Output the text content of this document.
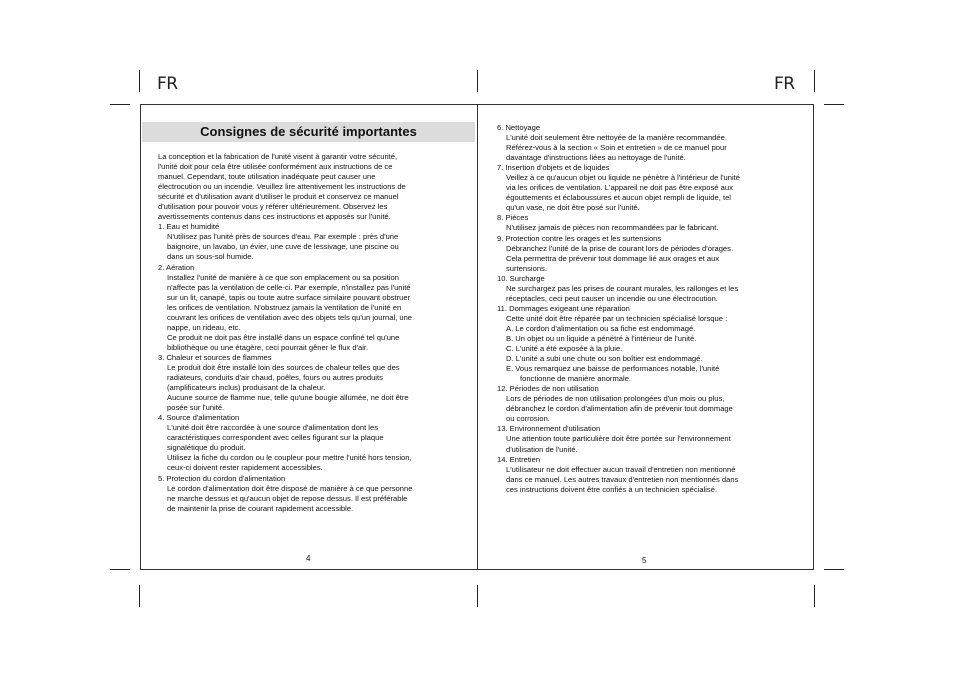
FR	FR
Consignes de sécurité importantes

La conception et la fabrication de l'unité visent à garantir votre sécurité,

l'unité doit pour cela être utilisée conformément aux instructions de ce

manuel. Cependant, toute utilisation inadéquate peut causer une

électrocution ou un incendie. Veuillez lire attentivement les instructions de

sécurité et d'utilisation avant d'utiliser le produit et conservez ce manuel

d'utilisation pour pouvoir vous y référer ultérieurement. Observez les

avertissements contenus dans ces instructions et apposés sur l'unité.

1. Eau et humidité

N'utilisez pas l'unité près de sources d'eau. Par exemple : près d'une

baignoire, un lavabo, un évier, une cuve de lessivage, une piscine ou

dans un sous-sol humide.

2. Aération

Installez l'unité de manière à ce que son emplacement ou sa position

n'affecte pas la ventilation de celle-ci. Par exemple, n'installez pas l'unité

sur un lit, canapé, tapis ou toute autre surface similaire pouvant obstruer

les orifices de ventilation. N'obstruez jamais la ventilation de l'unité en

couvrant les orifices de ventilation avec des objets tels qu'un journal, une

nappe, un rideau, etc.

Ce produit ne doit pas être installé dans un espace confiné tel qu'une

bibliothèque ou une étagère, ceci pourrait gêner le flux d'air.

3. Chaleur et sources de flammes

Le produit doit être installé loin des sources de chaleur telles que des

radiateurs, conduits d'air chaud, poêles, fours ou autres produits

(amplificateurs inclus) produisant de la chaleur.

Aucune source de flamme nue, telle qu'une bougie allumée, ne doit être

posée sur l'unité.

4. Source d'alimentation

L'unité doit être raccordée à une source d'alimentation dont les

caractéristiques correspondent avec celles figurant sur la plaque

signalétique du produit.

Utilisez la fiche du cordon ou le coupleur pour mettre l'unité hors tension,

ceux-ci doivent rester rapidement accessibles.

5. Protection du cordon d'alimentation

Le cordon d'alimentation doit être disposé de manière à ce que personne

ne marche dessus et qu'aucun objet de repose dessus. Il est préférable

de maintenir la prise de courant rapidement accessible.

6. Nettoyage

L'unité doit seulement être nettoyée de la manière recommandée.

Référez-vous à la section « Soin et entretien » de ce manuel pour

davantage d'instructions liées au nettoyage de l'unité.

7. Insertion d'objets et de liquides

Veillez à ce qu'aucun objet ou liquide ne pénètre à l'intérieur de l'unité

via les orifices de ventilation. L'appareil ne doit pas être exposé aux

égouttements et éclaboussures et aucun objet rempli de liquide, tel

qu'un vase, ne doit être posé sur l'unité.

8. Pièces

N'utilisez jamais de pièces non recommandées par le fabricant.

9. Protection contre les orages et les surtensions

Débranchez l'unité de la prise de courant lors de périodes d'orages.

Cela permettra de prévenir tout dommage lié aux orages et aux

surtensions.

10. Surcharge

Ne surchargez pas les prises de courant murales, les rallonges et les

réceptacles, ceci peut causer un incendie ou une électrocution.

11. Dommages exigeant une réparation

Cette unité doit être réparée par un technicien spécialisé lorsque :

A. Le cordon d'alimentation ou sa fiche est endommagé.

B. Un objet ou un liquide a pénétré à l'intérieur de l'unité.

C. L'unité a été exposée à la pluie.

D. L'unité a subi une chute ou son boîtier est endommagé.

E. Vous remarquez une baisse de performances notable, l'unité

fonctionne de manière anormale.

12. Périodes de non utilisation

Lors de périodes de non utilisation prolongées d'un mois ou plus,

débranchez le cordon d'alimentation afin de prévenir tout dommage

ou corrosion.

13. Environnement d'utilisation

Une attention toute particulière doit être portée sur l'environnement

d'utilisation de l'unité.

14. Entretien

L'utilisateur ne doit effectuer aucun travail d'entretien non mentionné

dans ce manuel. Les autres travaux d'entretien non mentionnés dans

ces instructions doivent être confiés à un technicien spécialisé.

4	5
